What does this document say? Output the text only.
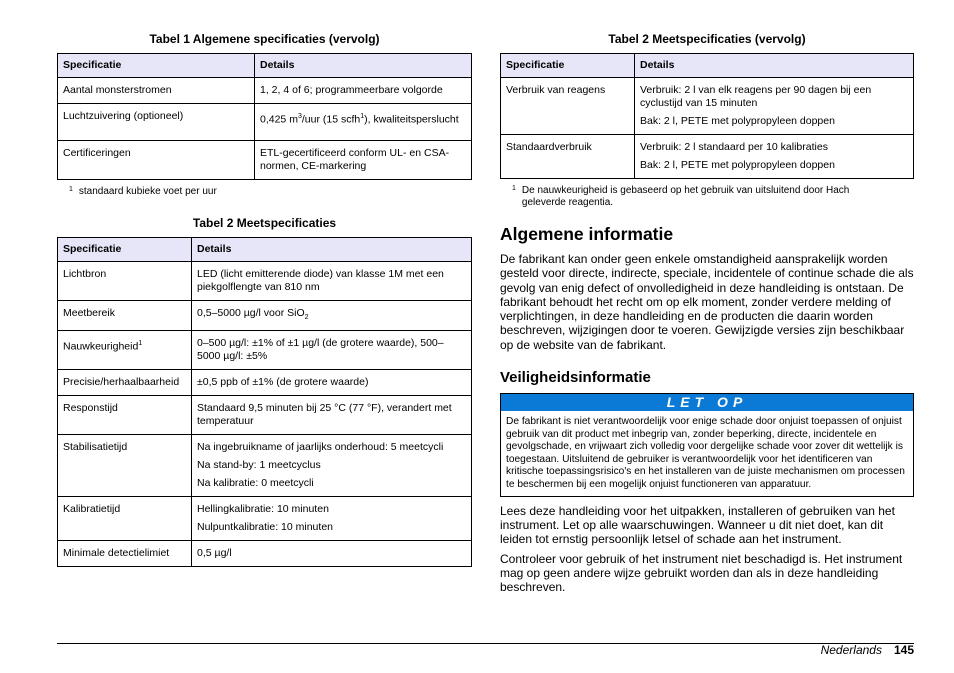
Tabel 1 Algemene specificaties (vervolg)
Specificatie	Details
Aantal monsterstromen	1, 2, 4 of 6; programmeerbare volgorde
Luchtzuivering (optioneel)	0,425 $m^3$/uur (15 scfh$^1$), kwaliteitsperslucht
Certificeringen	ETL-gecertificeerd conform UL- en CSA-normen, CE-markering
1 standaard kubieke voet per uur
Tabel 2 Meetspecificaties
Specificatie	Details
Lichtbron	LED (licht emitterende diode) van klasse 1M met een piekgolflengte van 810 nm
Meetbereik	0,5–5000 µg/l voor SiO$_2$
Nauwkeurigheid$^1$	0–500 µg/l: ±1% of ±1 µg/l (de grotere waarde), 500–5000 µg/l: ±5%
Precisie/herhaalbaarheid	±0,5 ppb of ±1% (de grotere waarde)
Responstijd	Standaard 9,5 minuten bij 25 °C (77 °F), verandert met temperatuur
Stabilisatietijd	Na ingebruikname of jaarlijks onderhoud: 5 meetcycli

Na stand-by: 1 meetcyclus

Na kalibratie: 0 meetcycli

Kalibratietijd	Hellingkalibratie: 10 minuten

Nulpuntkalibratie: 10 minuten

Minimale detectielimiet	0,5 µg/l
Tabel 2 Meetspecificaties (vervolg)
Specificatie	Details
Verbruik van reagens	Verbruik: 2 l van elk reagens per 90 dagen bij een cyclustijd van 15 minuten

Bak: 2 l, PETE met polypropyleen doppen

Standaardverbruik	Verbruik: 2 l standaard per 10 kalibraties

Bak: 2 l, PETE met polypropyleen doppen

1 De nauwkeurigheid is gebaseerd op het gebruik van uitsluitend door Hach geleverde reagentia.
Algemene informatie

De fabrikant kan onder geen enkele omstandigheid aansprakelijk worden gesteld voor directe, indirecte, speciale, incidentele of continue schade die als gevolg van enig defect of onvolledigheid in deze handleiding is ontstaan. De fabrikant behoudt het recht om op elk moment, zonder verdere melding of verplichtingen, in deze handleiding en de producten die daarin worden beschreven, wijzigingen door te voeren. Gewijzigde versies zijn beschikbaar op de website van de fabrikant.

Veiligheidsinformatie
LET OP
De fabrikant is niet verantwoordelijk voor enige schade door onjuist toepassen of onjuist gebruik van dit product met inbegrip van, zonder beperking, directe, incidentele en gevolgschade, en vrijwaart zich volledig voor dergelijke schade voor zover dit wettelijk is toegestaan. Uitsluitend de gebruiker is verantwoordelijk voor het identificeren van kritische toepassingsrisico's en het installeren van de juiste mechanismen om processen te beschermen bij een mogelijk onjuist functioneren van apparatuur.

Lees deze handleiding voor het uitpakken, installeren of gebruiken van het instrument. Let op alle waarschuwingen. Wanneer u dit niet doet, kan dit leiden tot ernstig persoonlijk letsel of schade aan het instrument.

Controleer voor gebruik of het instrument niet beschadigd is. Het instrument mag op geen andere wijze gebruikt worden dan als in deze handleiding beschreven.

Nederlands 145
